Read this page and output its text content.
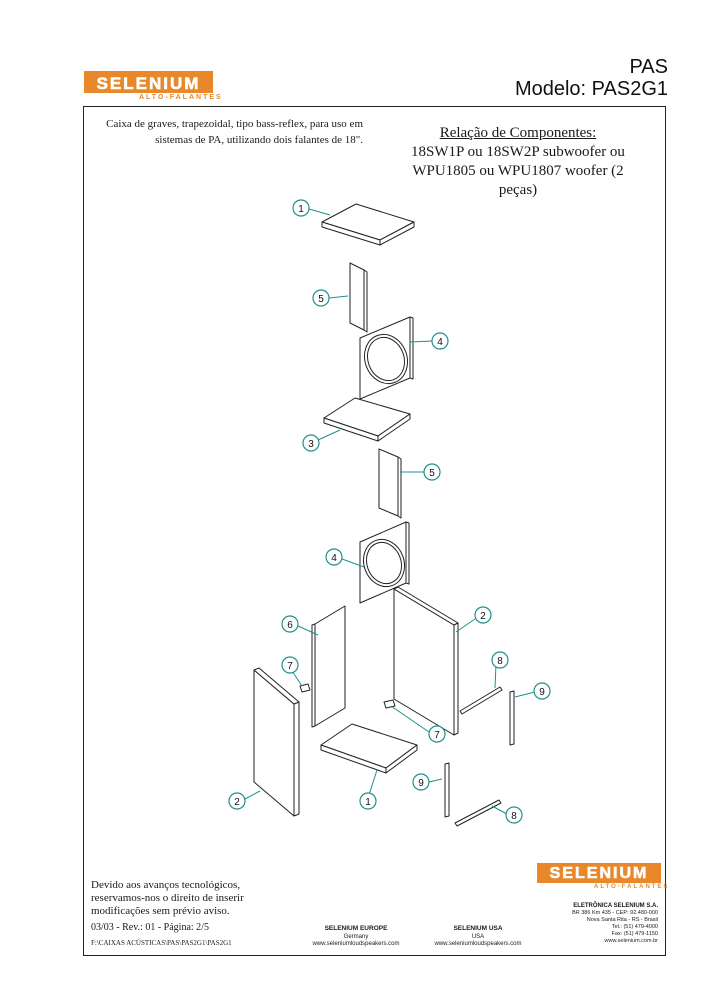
SELENIUM
ALTO-FALANTES
PAS
Modelo: PAS2G1
Caixa de graves, trapezoidal, tipo bass-reflex, para uso em sistemas de PA, utilizando dois falantes de 18".	Relação de Componentes:
18SW1P ou 18SW2P subwoofer ou
WPU1805 ou WPU1807 woofer (2 peças)
1
5
4
3
5
4
6
2
7	8
9
7
2	1
9
8
Devido aos avanços tecnológicos, reservamos-nos o direito de inserir modificações sem prévio aviso.
03/03 - Rev.: 01 - Página: 2/5
F:\CAIXAS ACÚSTICAS\PAS\PAS2G1\PAS2G1
SELENIUM EUROPE
Germany
www.seleniumloudspeakers.com
SELENIUM USA
USA
www.seleniumloudspeakers.com
SELENIUM
ALTO-FALANTES
ELETRÔNICA SELENIUM S.A.
BR 386 Km 435 - CEP: 92.480-000
Nova Santa Rita - RS - Brasil
Tel.: (51) 479-4000
Fax: (51) 479-1150
www.selenium.com.br
